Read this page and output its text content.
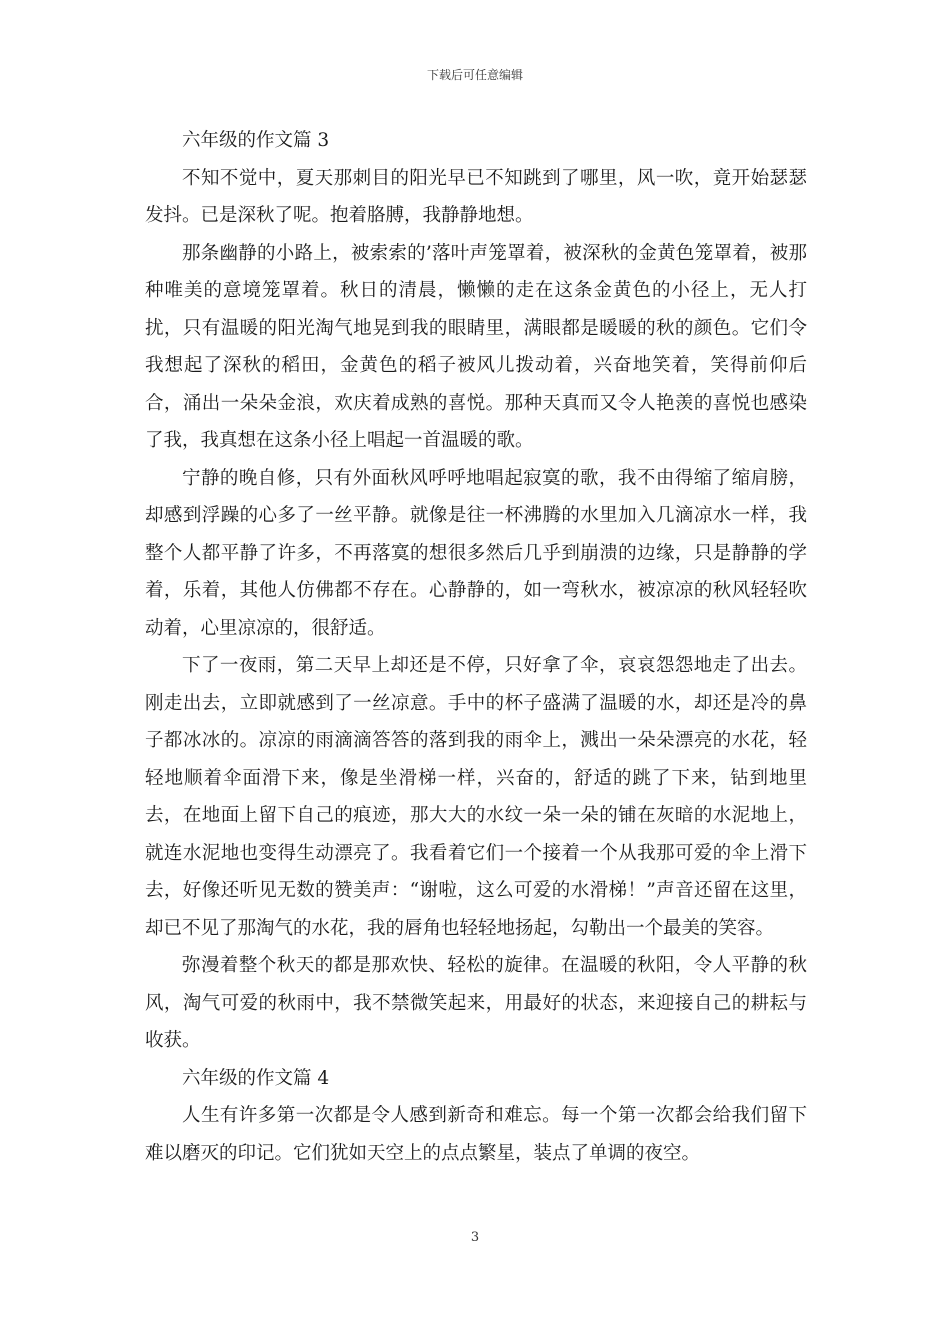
下载后可任意编辑

六年级的作文篇 3

不知不觉中，夏天那刺目的阳光早已不知跳到了哪里，风一吹，竟开始瑟瑟发抖。已是深秋了呢。抱着胳膊，我静静地想。

那条幽静的小路上，被索索的’落叶声笼罩着，被深秋的金黄色笼罩着，被那种唯美的意境笼罩着。秋日的清晨，懒懒的走在这条金黄色的小径上，无人打扰，只有温暖的阳光淘气地晃到我的眼睛里，满眼都是暖暖的秋的颜色。它们令我想起了深秋的稻田，金黄色的稻子被风儿拨动着，兴奋地笑着，笑得前仰后合，涌出一朵朵金浪，欢庆着成熟的喜悦。那种天真而又令人艳羡的喜悦也感染了我，我真想在这条小径上唱起一首温暖的歌。

宁静的晚自修，只有外面秋风呼呼地唱起寂寞的歌，我不由得缩了缩肩膀，却感到浮躁的心多了一丝平静。就像是往一杯沸腾的水里加入几滴凉水一样，我整个人都平静了许多，不再落寞的想很多然后几乎到崩溃的边缘，只是静静的学着，乐着，其他人仿佛都不存在。心静静的，如一弯秋水，被凉凉的秋风轻轻吹动着，心里凉凉的，很舒适。

下了一夜雨，第二天早上却还是不停，只好拿了伞，哀哀怨怨地走了出去。刚走出去，立即就感到了一丝凉意。手中的杯子盛满了温暖的水，却还是冷的鼻子都冰冰的。凉凉的雨滴滴答答的落到我的雨伞上，溅出一朵朵漂亮的水花，轻轻地顺着伞面滑下来，像是坐滑梯一样，兴奋的，舒适的跳了下来，钻到地里去，在地面上留下自己的痕迹，那大大的水纹一朵一朵的铺在灰暗的水泥地上，就连水泥地也变得生动漂亮了。我看着它们一个接着一个从我那可爱的伞上滑下去，好像还听见无数的赞美声：“谢啦，这么可爱的水滑梯！”声音还留在这里，却已不见了那淘气的水花，我的唇角也轻轻地扬起，勾勒出一个最美的笑容。

弥漫着整个秋天的都是那欢快、轻松的旋律。在温暖的秋阳，令人平静的秋风，淘气可爱的秋雨中，我不禁微笑起来，用最好的状态，来迎接自己的耕耘与收获。

六年级的作文篇 4

人生有许多第一次都是令人感到新奇和难忘。每一个第一次都会给我们留下难以磨灭的印记。它们犹如天空上的点点繁星，装点了单调的夜空。

3
